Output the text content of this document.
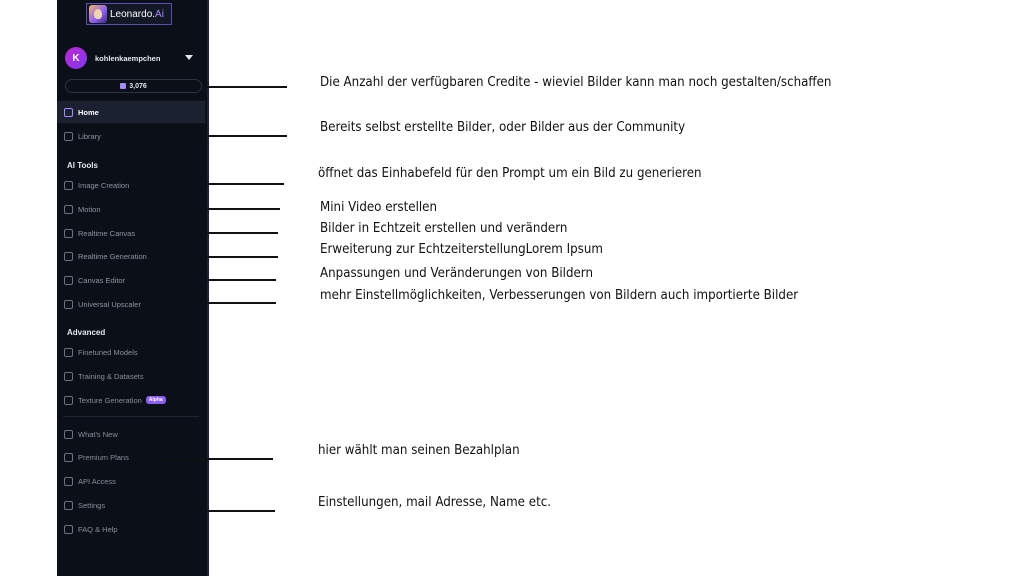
Leonardo.Ai
K	kohlenkaempchen
3,076
Home
Library
AI Tools
Image Creation
Motion
Realtime Canvas
Realtime Generation
Canvas Editor
Universal Upscaler
Advanced
Finetuned Models
Training & Datasets
Texture Generation	Alpha
What's New
Premium Plans
API Access
Settings
FAQ & Help
Die Anzahl der verfügbaren Credite - wieviel Bilder kann man noch gestalten/schaffen
Bereits selbst erstellte Bilder, oder Bilder aus der Community
öffnet das Einhabefeld für den Prompt um ein Bild zu generieren
Mini Video erstellen
Bilder in Echtzeit erstellen und verändern
Erweiterung zur EchtzeiterstellungLorem Ipsum
Anpassungen und Veränderungen von Bildern
mehr Einstellmöglichkeiten, Verbesserungen von Bildern auch importierte Bilder
hier wählt man seinen Bezahlplan
Einstellungen, mail Adresse, Name etc.
